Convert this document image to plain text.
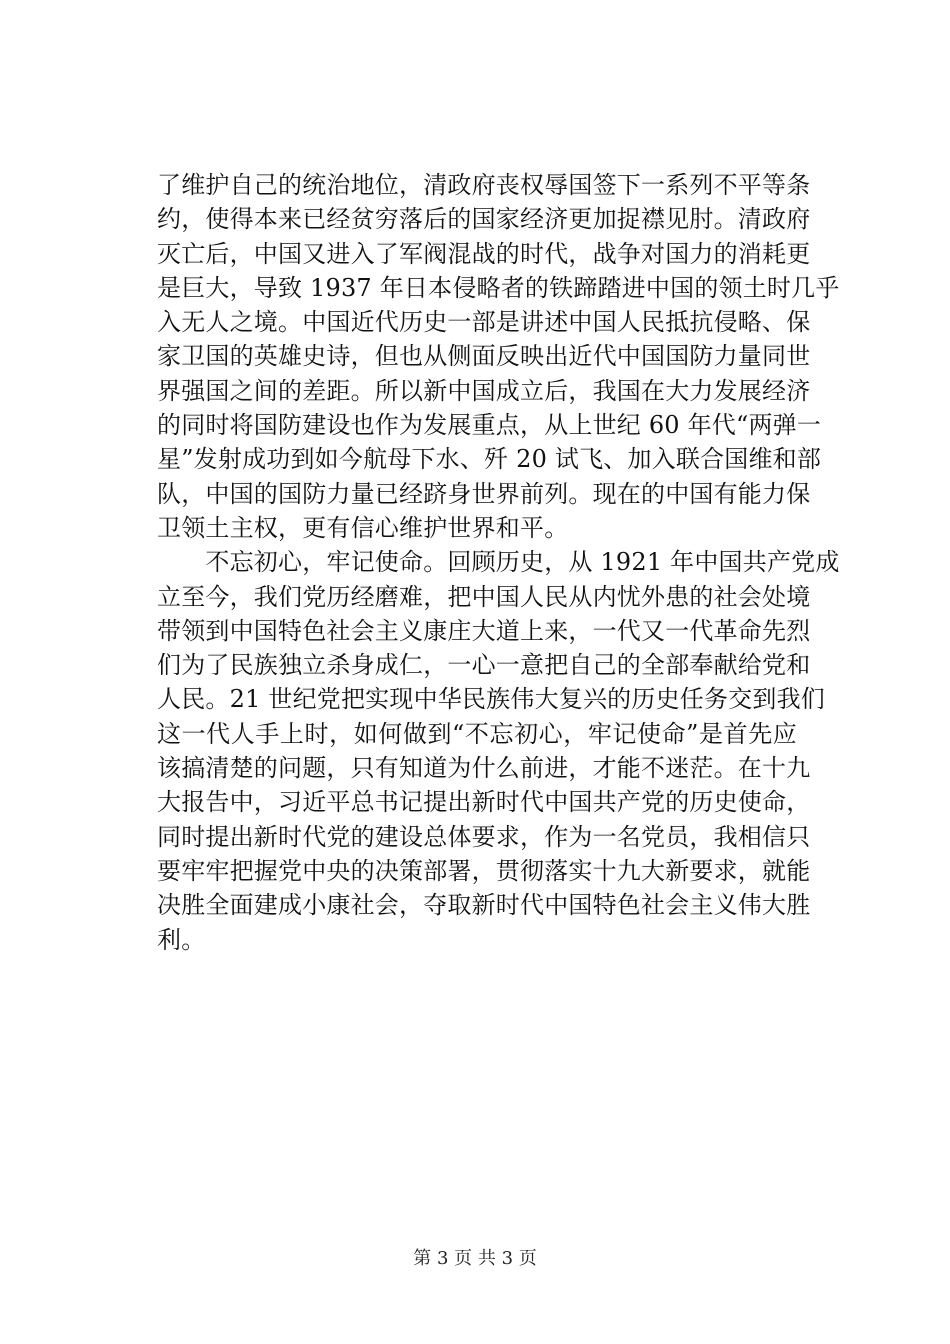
了维护自己的统治地位，清政府丧权辱国签下一系列不平等条
约，使得本来已经贫穷落后的国家经济更加捉襟见肘。清政府
灭亡后，中国又进入了军阀混战的时代，战争对国力的消耗更
是巨大，导致 1937 年日本侵略者的铁蹄踏进中国的领土时几乎
入无人之境。中国近代历史一部是讲述中国人民抵抗侵略、保
家卫国的英雄史诗，但也从侧面反映出近代中国国防力量同世
界强国之间的差距。所以新中国成立后，我国在大力发展经济
的同时将国防建设也作为发展重点，从上世纪 60 年代“两弹一
星”发射成功到如今航母下水、歼 20 试飞、加入联合国维和部
队，中国的国防力量已经跻身世界前列。现在的中国有能力保
卫领土主权，更有信心维护世界和平。
　　不忘初心，牢记使命。回顾历史，从 1921 年中国共产党成
立至今，我们党历经磨难，把中国人民从内忧外患的社会处境
带领到中国特色社会主义康庄大道上来，一代又一代革命先烈
们为了民族独立杀身成仁，一心一意把自己的全部奉献给党和
人民。21 世纪党把实现中华民族伟大复兴的历史任务交到我们
这一代人手上时，如何做到“不忘初心，牢记使命”是首先应
该搞清楚的问题，只有知道为什么前进，才能不迷茫。在十九
大报告中，习近平总书记提出新时代中国共产党的历史使命，
同时提出新时代党的建设总体要求，作为一名党员，我相信只
要牢牢把握党中央的决策部署，贯彻落实十九大新要求，就能
决胜全面建成小康社会，夺取新时代中国特色社会主义伟大胜
利。
第 3 页 共 3 页
